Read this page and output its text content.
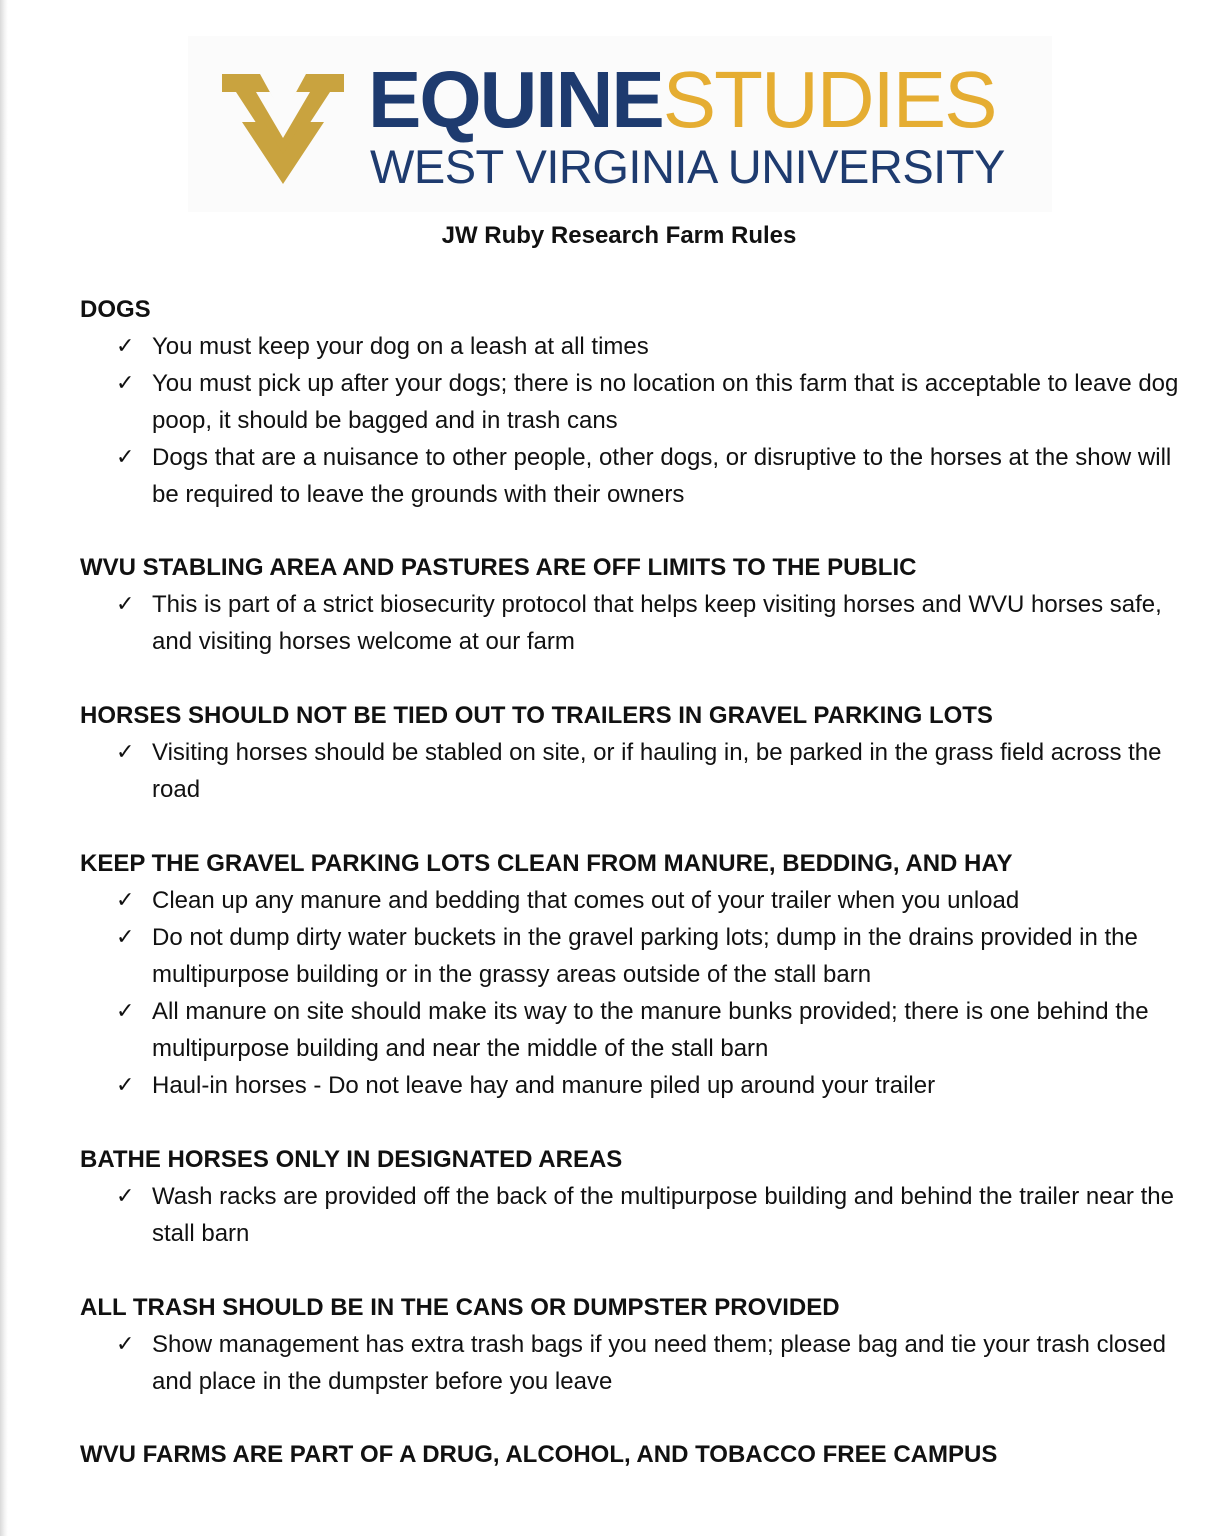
EQUINESTUDIES
WEST VIRGINIA UNIVERSITY
JW Ruby Research Farm Rules
DOGS
✓ You must keep your dog on a leash at all times
✓ You must pick up after your dogs; there is no location on this farm that is acceptable to leave dog poop, it should be bagged and in trash cans
✓ Dogs that are a nuisance to other people, other dogs, or disruptive to the horses at the show will be required to leave the grounds with their owners
WVU STABLING AREA AND PASTURES ARE OFF LIMITS TO THE PUBLIC
✓ This is part of a strict biosecurity protocol that helps keep visiting horses and WVU horses safe, and visiting horses welcome at our farm
HORSES SHOULD NOT BE TIED OUT TO TRAILERS IN GRAVEL PARKING LOTS
✓ Visiting horses should be stabled on site, or if hauling in, be parked in the grass field across the road
KEEP THE GRAVEL PARKING LOTS CLEAN FROM MANURE, BEDDING, AND HAY
✓ Clean up any manure and bedding that comes out of your trailer when you unload
✓ Do not dump dirty water buckets in the gravel parking lots; dump in the drains provided in the multipurpose building or in the grassy areas outside of the stall barn
✓ All manure on site should make its way to the manure bunks provided; there is one behind the multipurpose building and near the middle of the stall barn
✓ Haul-in horses - Do not leave hay and manure piled up around your trailer
BATHE HORSES ONLY IN DESIGNATED AREAS
✓ Wash racks are provided off the back of the multipurpose building and behind the trailer near the stall barn
ALL TRASH SHOULD BE IN THE CANS OR DUMPSTER PROVIDED
✓ Show management has extra trash bags if you need them; please bag and tie your trash closed and place in the dumpster before you leave
WVU FARMS ARE PART OF A DRUG, ALCOHOL, AND TOBACCO FREE CAMPUS
